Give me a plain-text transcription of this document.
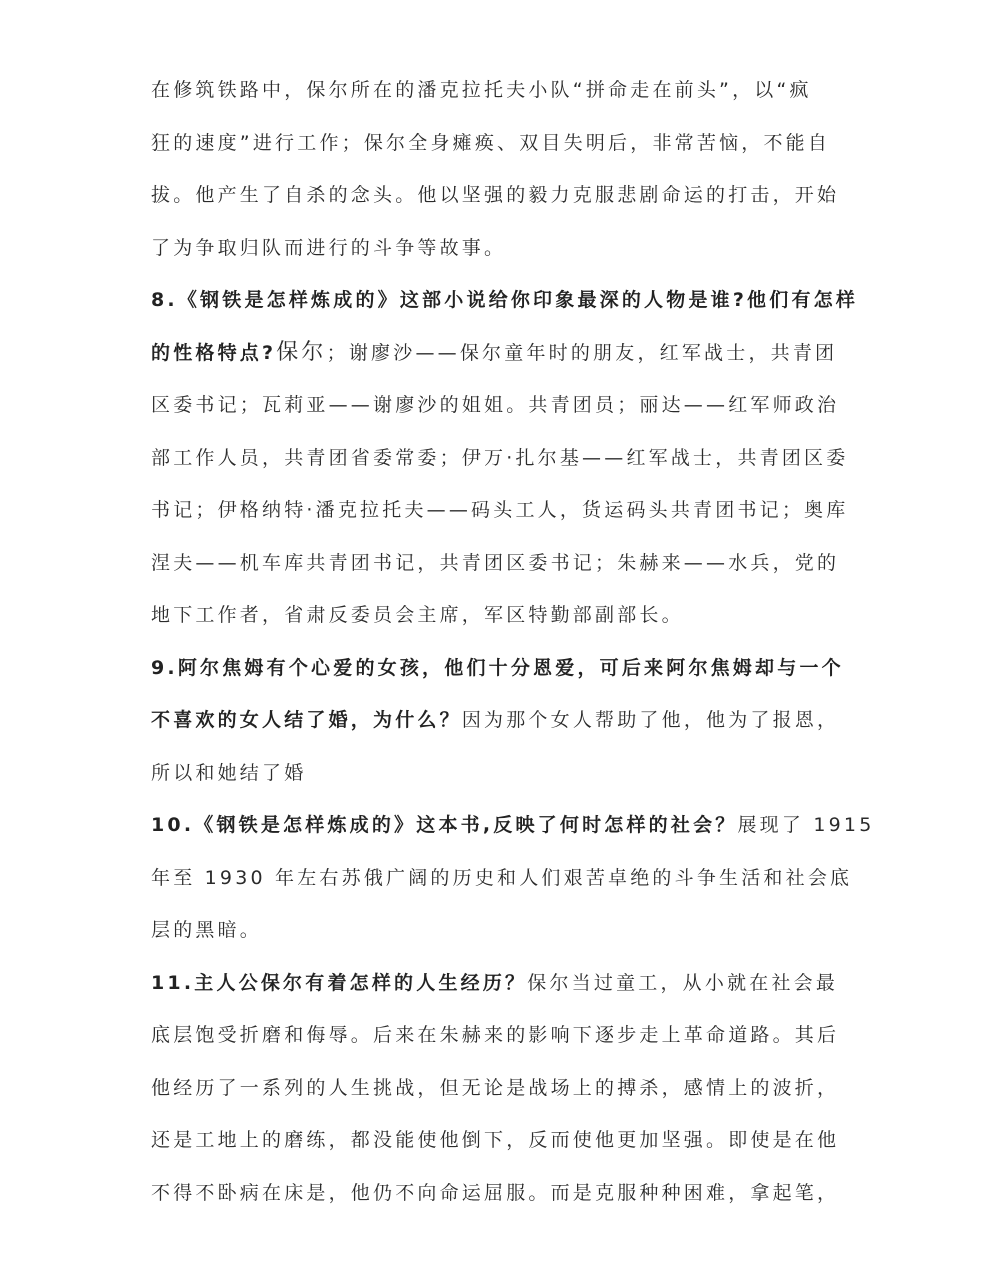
在修筑铁路中，保尔所在的潘克拉托夫小队“拼命走在前头”，以“疯
狂的速度”进行工作；保尔全身瘫痪、双目失明后，非常苦恼，不能自
拔。他产生了自杀的念头。他以坚强的毅力克服悲剧命运的打击，开始
了为争取归队而进行的斗争等故事。
8.《钢铁是怎样炼成的》这部小说给你印象最深的人物是谁?他们有怎样
的性格特点?保尔；谢廖沙——保尔童年时的朋友，红军战士，共青团
区委书记；瓦莉亚——谢廖沙的姐姐。共青团员；丽达——红军师政治
部工作人员，共青团省委常委；伊万·扎尔基——红军战士，共青团区委
书记；伊格纳特·潘克拉托夫——码头工人，货运码头共青团书记；奥库
涅夫——机车库共青团书记，共青团区委书记；朱赫来——水兵，党的
地下工作者，省肃反委员会主席，军区特勤部副部长。
9.阿尔焦姆有个心爱的女孩，他们十分恩爱，可后来阿尔焦姆却与一个
不喜欢的女人结了婚，为什么？因为那个女人帮助了他，他为了报恩，
所以和她结了婚
10.《钢铁是怎样炼成的》这本书,反映了何时怎样的社会？展现了 1915
年至 1930 年左右苏俄广阔的历史和人们艰苦卓绝的斗争生活和社会底
层的黑暗。
11.主人公保尔有着怎样的人生经历？保尔当过童工，从小就在社会最
底层饱受折磨和侮辱。后来在朱赫来的影响下逐步走上革命道路。其后
他经历了一系列的人生挑战，但无论是战场上的搏杀，感情上的波折，
还是工地上的磨练，都没能使他倒下，反而使他更加坚强。即使是在他
不得不卧病在床是，他仍不向命运屈服。而是克服种种困难，拿起笔，
